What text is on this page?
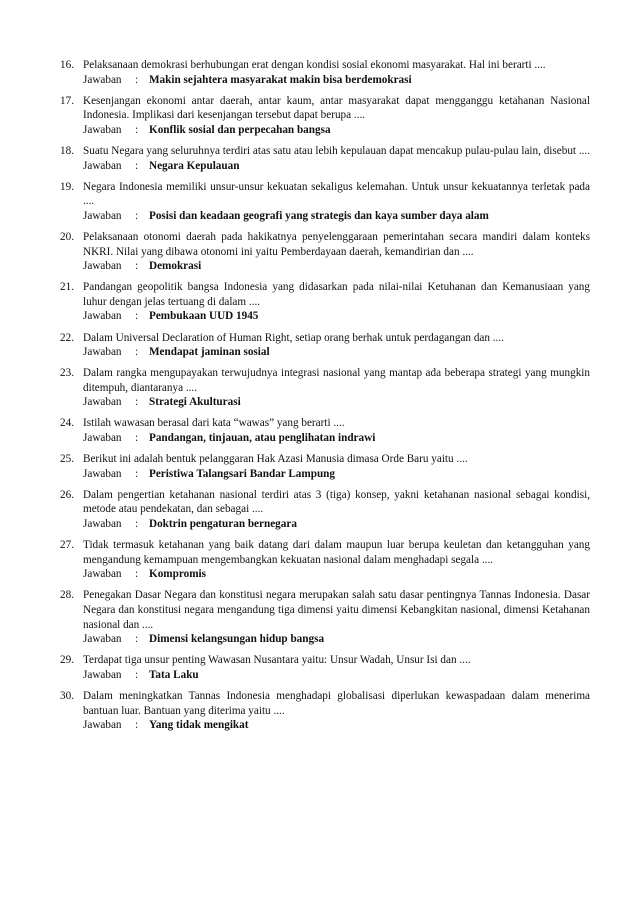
16. Pelaksanaan demokrasi berhubungan erat dengan kondisi sosial ekonomi masyarakat. Hal ini berarti ....
Jawaban : Makin sejahtera masyarakat makin bisa berdemokrasi
17. Kesenjangan ekonomi antar daerah, antar kaum, antar masyarakat dapat mengganggu ketahanan Nasional Indonesia. Implikasi dari kesenjangan tersebut dapat berupa ....
Jawaban : Konflik sosial dan perpecahan bangsa
18. Suatu Negara yang seluruhnya terdiri atas satu atau lebih kepulauan dapat mencakup pulau-pulau lain, disebut ....
Jawaban : Negara Kepulauan
19. Negara Indonesia memiliki unsur-unsur kekuatan sekaligus kelemahan. Untuk unsur kekuatannya terletak pada ....
Jawaban : Posisi dan keadaan geografi yang strategis dan kaya sumber daya alam
20. Pelaksanaan otonomi daerah pada hakikatnya penyelenggaraan pemerintahan secara mandiri dalam konteks NKRI. Nilai yang dibawa otonomi ini yaitu Pemberdayaan daerah, kemandirian dan ....
Jawaban : Demokrasi
21. Pandangan geopolitik bangsa Indonesia yang didasarkan pada nilai-nilai Ketuhanan dan Kemanusiaan yang luhur dengan jelas tertuang di dalam ....
Jawaban : Pembukaan UUD 1945
22. Dalam Universal Declaration of Human Right, setiap orang berhak untuk perdagangan dan ....
Jawaban : Mendapat jaminan sosial
23. Dalam rangka mengupayakan terwujudnya integrasi nasional yang mantap ada beberapa strategi yang mungkin ditempuh, diantaranya ....
Jawaban : Strategi Akulturasi
24. Istilah wawasan berasal dari kata “wawas” yang berarti ....
Jawaban : Pandangan, tinjauan, atau penglihatan indrawi
25. Berikut ini adalah bentuk pelanggaran Hak Azasi Manusia dimasa Orde Baru yaitu ....
Jawaban : Peristiwa Talangsari Bandar Lampung
26. Dalam pengertian ketahanan nasional terdiri atas 3 (tiga) konsep, yakni ketahanan nasional sebagai kondisi, metode atau pendekatan, dan sebagai ....
Jawaban : Doktrin pengaturan bernegara
27. Tidak termasuk ketahanan yang baik datang dari dalam maupun luar berupa keuletan dan ketangguhan yang mengandung kemampuan mengembangkan kekuatan nasional dalam menghadapi segala ....
Jawaban : Kompromis
28. Penegakan Dasar Negara dan konstitusi negara merupakan salah satu dasar pentingnya Tannas Indonesia. Dasar Negara dan konstitusi negara mengandung tiga dimensi yaitu dimensi Kebangkitan nasional, dimensi Ketahanan nasional dan ....
Jawaban : Dimensi kelangsungan hidup bangsa
29. Terdapat tiga unsur penting Wawasan Nusantara yaitu: Unsur Wadah, Unsur Isi dan ....
Jawaban : Tata Laku
30. Dalam meningkatkan Tannas Indonesia menghadapi globalisasi diperlukan kewaspadaan dalam menerima bantuan luar. Bantuan yang diterima yaitu ....
Jawaban : Yang tidak mengikat
